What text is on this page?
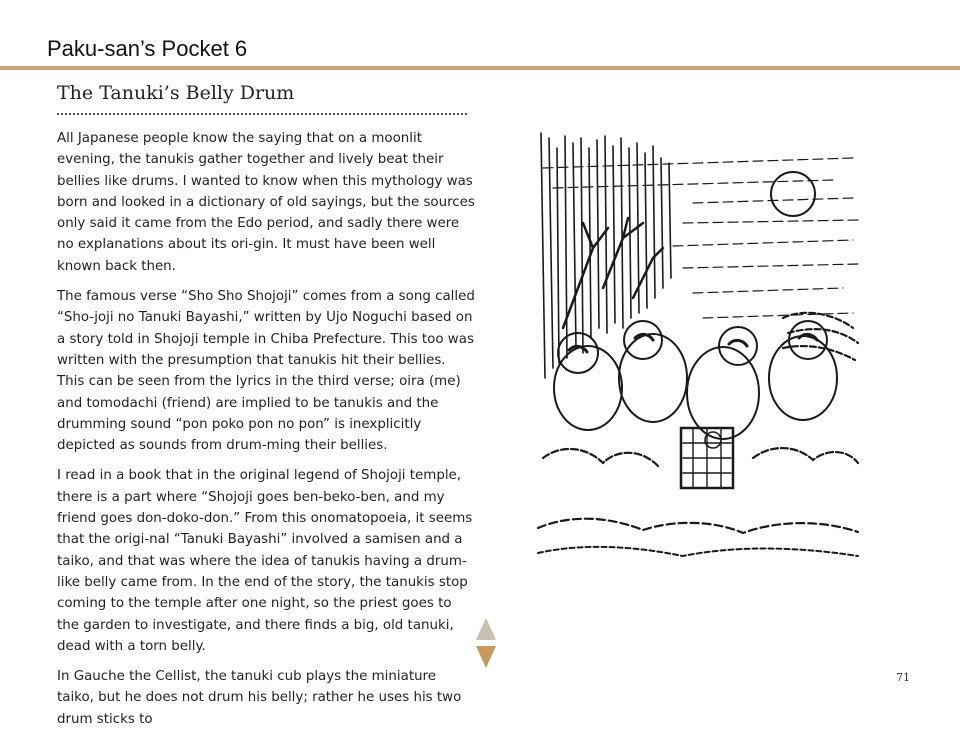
Paku-san’s Pocket 6
The Tanuki’s Belly Drum

All Japanese people know the saying that on a moonlit evening, the tanukis gather together and lively beat their bellies like drums. I wanted to know when this mythology was born and looked in a dictionary of old sayings, but the sources only said it came from the Edo period, and sadly there were no explanations about its ori-gin. It must have been well known back then.

The famous verse “Sho Sho Shojoji” comes from a song called “Sho-joji no Tanuki Bayashi,” written by Ujo Noguchi based on a story told in Shojoji temple in Chiba Prefecture. This too was written with the presumption that tanukis hit their bellies. This can be seen from the lyrics in the third verse; oira (me) and tomodachi (friend) are implied to be tanukis and the drumming sound “pon poko pon no pon” is inexplicitly depicted as sounds from drum-ming their bellies.

I read in a book that in the original legend of Shojoji temple, there is a part where “Shojoji goes ben-beko-ben, and my friend goes don-doko-don.” From this onomatopoeia, it seems that the origi-nal “Tanuki Bayashi” involved a samisen and a taiko, and that was where the idea of tanukis having a drum-like belly came from. In the end of the story, the tanukis stop coming to the temple after one night, so the priest goes to the garden to investigate, and there finds a big, old tanuki, dead with a torn belly.

In Gauche the Cellist, the tanuki cub plays the miniature taiko, but he does not drum his belly; rather he uses his two drum sticks to

71
